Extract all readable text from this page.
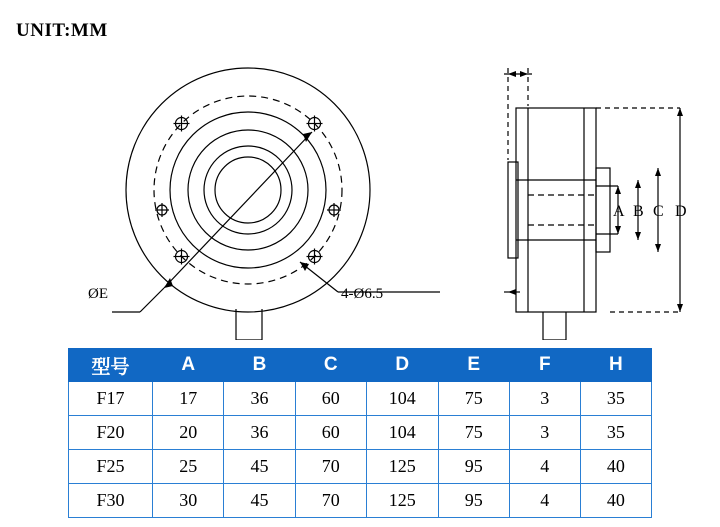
UNIT:MM
4-Ø6.5
ØE
A B C D
型号	A	B	C	D	E	F	H
F17	17	36	60	104	75	3	35
F20	20	36	60	104	75	3	35
F25	25	45	70	125	95	4	40
F30	30	45	70	125	95	4	40
